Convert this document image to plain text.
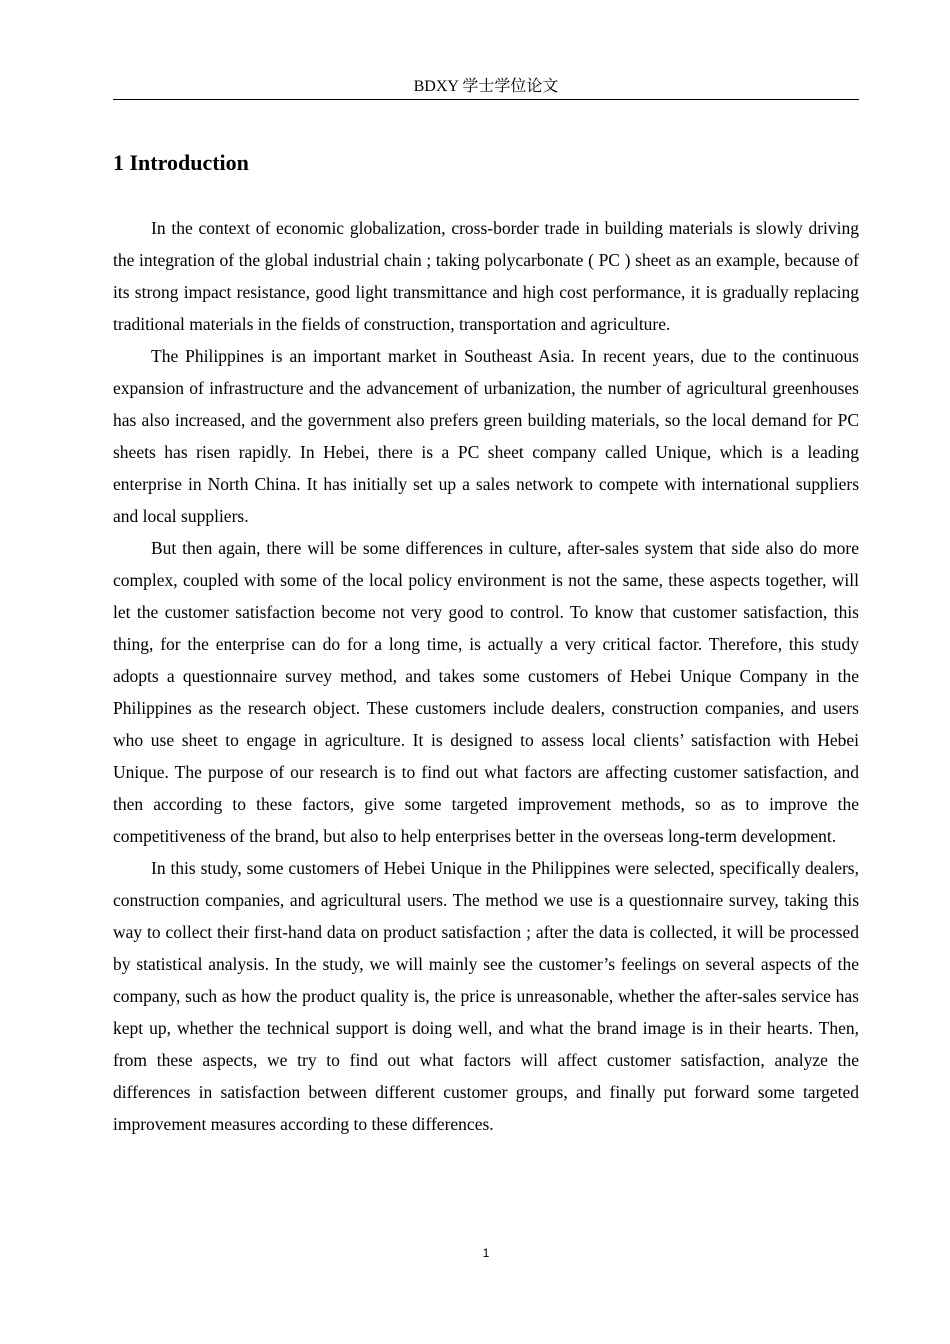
BDXY 学士学位论文
1 Introduction

In the context of economic globalization, cross-border trade in building materials is slowly driving the integration of the global industrial chain ; taking polycarbonate ( PC ) sheet as an example, because of its strong impact resistance, good light transmittance and high cost performance, it is gradually replacing traditional materials in the fields of construction, transportation and agriculture.

The Philippines is an important market in Southeast Asia. In recent years, due to the continuous expansion of infrastructure and the advancement of urbanization, the number of agricultural greenhouses has also increased, and the government also prefers green building materials, so the local demand for PC sheets has risen rapidly. In Hebei, there is a PC sheet company called Unique, which is a leading enterprise in North China. It has initially set up a sales network to compete with international suppliers and local suppliers.

But then again, there will be some differences in culture, after-sales system that side also do more complex, coupled with some of the local policy environment is not the same, these aspects together, will let the customer satisfaction become not very good to control. To know that customer satisfaction, this thing, for the enterprise can do for a long time, is actually a very critical factor. Therefore, this study adopts a questionnaire survey method, and takes some customers of Hebei Unique Company in the Philippines as the research object. These customers include dealers, construction companies, and users who use sheet to engage in agriculture. It is designed to assess local clients’ satisfaction with Hebei Unique. The purpose of our research is to find out what factors are affecting customer satisfaction, and then according to these factors, give some targeted improvement methods, so as to improve the competitiveness of the brand, but also to help enterprises better in the overseas long-term development.

In this study, some customers of Hebei Unique in the Philippines were selected, specifically dealers, construction companies, and agricultural users. The method we use is a questionnaire survey, taking this way to collect their first-hand data on product satisfaction ; after the data is collected, it will be processed by statistical analysis. In the study, we will mainly see the customer’s feelings on several aspects of the company, such as how the product quality is, the price is unreasonable, whether the after-sales service has kept up, whether the technical support is doing well, and what the brand image is in their hearts. Then, from these aspects, we try to find out what factors will affect customer satisfaction, analyze the differences in satisfaction between different customer groups, and finally put forward some targeted improvement measures according to these differences.

1
